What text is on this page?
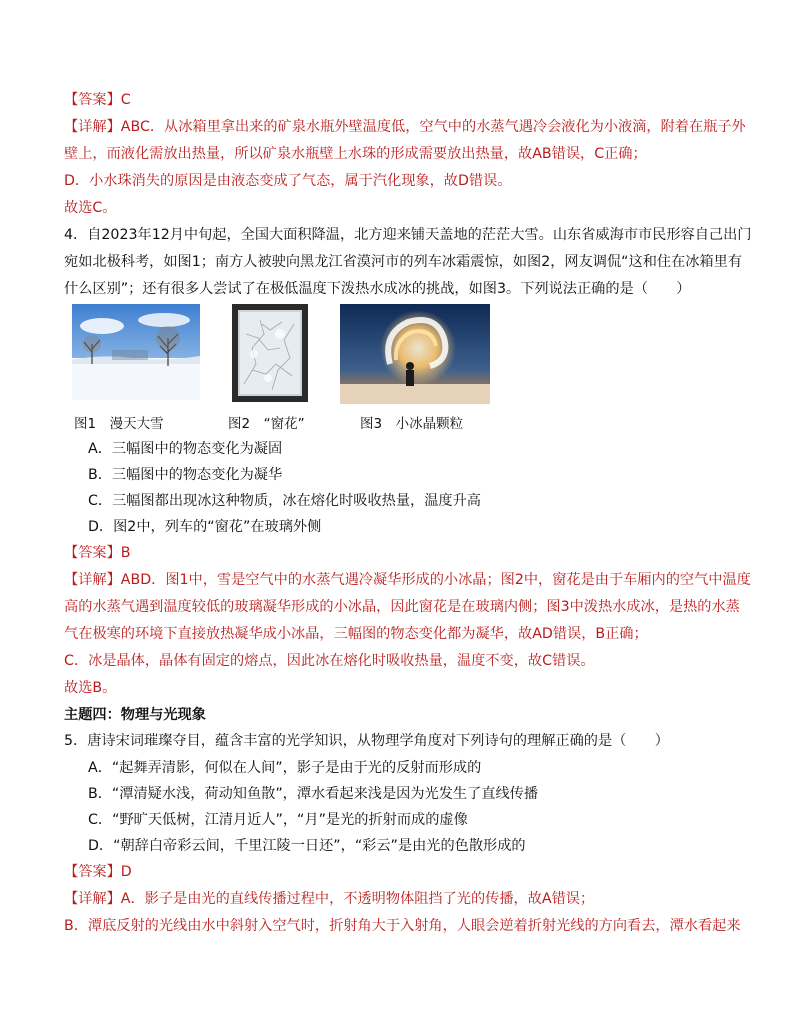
【答案】C
【详解】ABC．从冰箱里拿出来的矿泉水瓶外壁温度低，空气中的水蒸气遇冷会液化为小液滴，附着在瓶子外
壁上，而液化需放出热量，所以矿泉水瓶壁上水珠的形成需要放出热量，故AB错误，C正确；
D．小水珠消失的原因是由液态变成了气态，属于汽化现象，故D错误。
故选C。
4．自2023年12月中旬起，全国大面积降温，北方迎来铺天盖地的茫茫大雪。山东省威海市市民形容自己出门
宛如北极科考，如图1；南方人被驶向黑龙江省漠河市的列车冰霜震惊，如图2，网友调侃“这和住在冰箱里有
什么区别”；还有很多人尝试了在极低温度下泼热水成冰的挑战，如图3。下列说法正确的是（　　）
图1　漫天大雪	图2　“窗花”	图3　小冰晶颗粒
A．三幅图中的物态变化为凝固
B．三幅图中的物态变化为凝华
C．三幅图都出现冰这种物质，冰在熔化时吸收热量，温度升高
D．图2中，列车的“窗花”在玻璃外侧
【答案】B
【详解】ABD．图1中，雪是空气中的水蒸气遇冷凝华形成的小冰晶；图2中，窗花是由于车厢内的空气中温度
高的水蒸气遇到温度较低的玻璃凝华形成的小冰晶，因此窗花是在玻璃内侧；图3中泼热水成冰，是热的水蒸
气在极寒的环境下直接放热凝华成小冰晶，三幅图的物态变化都为凝华，故AD错误，B正确；
C．冰是晶体，晶体有固定的熔点，因此冰在熔化时吸收热量，温度不变，故C错误。
故选B。
主题四：物理与光现象
5．唐诗宋词璀璨夺目，蕴含丰富的光学知识，从物理学角度对下列诗句的理解正确的是（　　）
A．“起舞弄清影，何似在人间”，影子是由于光的反射而形成的
B．“潭清疑水浅，荷动知鱼散”，潭水看起来浅是因为光发生了直线传播
C．“野旷天低树，江清月近人”，“月”是光的折射而成的虚像
D．“朝辞白帝彩云间，千里江陵一日还”，“彩云”是由光的色散形成的
【答案】D
【详解】A．影子是由光的直线传播过程中，不透明物体阻挡了光的传播，故A错误；
B．潭底反射的光线由水中斜射入空气时，折射角大于入射角，人眼会逆着折射光线的方向看去，潭水看起来
